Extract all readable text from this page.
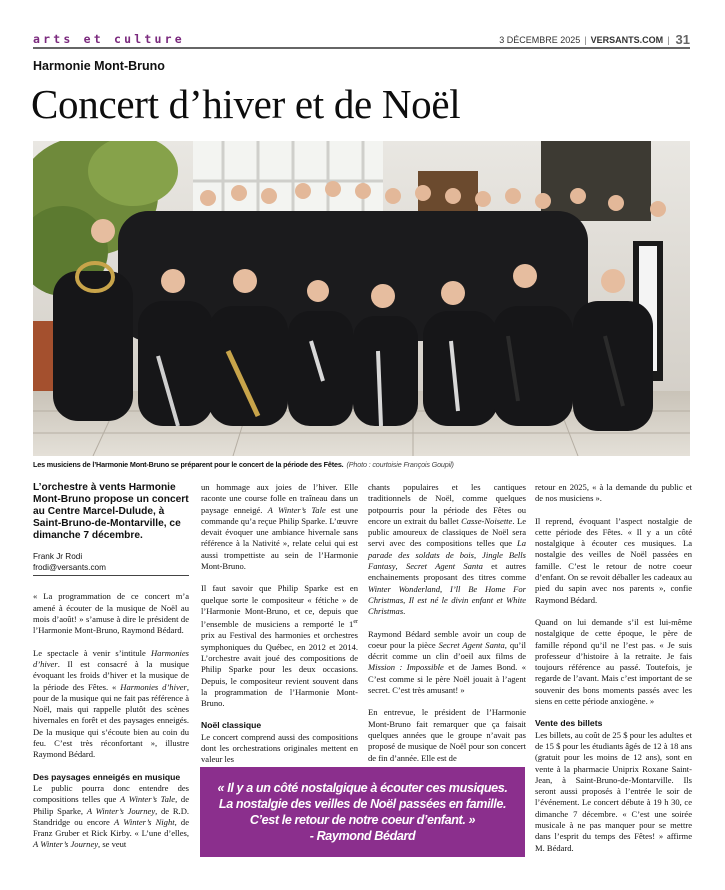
arts et culture	3 DÉCEMBRE 2025 | VERSANTS.COM | 31
Harmonie Mont-Bruno
Concert d’hiver et de Noël
Les musiciens de l’Harmonie Mont-Bruno se préparent pour le concert de la période des Fêtes. (Photo : courtoisie François Goupil)
L’orchestre à vents Harmonie Mont-Bruno propose un concert au Centre Marcel-Dulude, à Saint-Bruno-de-Montarville, ce dimanche 7 décembre.
Frank Jr Rodi
frodi@versants.com

« La programmation de ce concert m’a amené à écouter de la musique de Noël au mois d’août! » s’amuse à dire le président de l’Harmonie Mont-Bruno, Raymond Bédard.

Le spectacle à venir s’intitule Harmonies d’hiver. Il est consacré à la musique évoquant les froids d’hiver et la musique de la période des Fêtes. « Harmonies d’hiver, pour de la musique qui ne fait pas référence à Noël, mais qui rappelle plutôt des scènes hivernales en forêt et des paysages enneigés. De la musique qui s’écoute bien au coin du feu. C’est très réconfortant », illustre Raymond Bédard.

Des paysages enneigés en musique

Le public pourra donc entendre des compositions telles que A Winter’s Tale, de Philip Sparke, A Winter’s Journey, de R.D. Standridge ou encore A Winter’s Night, de Franz Gruber et Rick Kirby. « L’une d’elles, A Winter’s Journey, se veut

un hommage aux joies de l’hiver. Elle raconte une course folle en traîneau dans un paysage enneigé. A Winter’s Tale est une commande qu’a reçue Philip Sparke. L’œuvre devait évoquer une ambiance hivernale sans référence à la Nativité », relate celui qui est aussi trompettiste au sein de l’Harmonie Mont-Bruno.

Il faut savoir que Philip Sparke est en quelque sorte le compositeur « fétiche » de l’Harmonie Mont-Bruno, et ce, depuis que l’ensemble de musiciens a remporté le 1er prix au Festival des harmonies et orchestres symphoniques du Québec, en 2012 et 2014. L’orchestre avait joué des compositions de Philip Sparke pour les deux occasions. Depuis, le compositeur revient souvent dans la programmation de l’Harmonie Mont-Bruno.

Noël classique

Le concert comprend aussi des compositions dont les orchestrations originales mettent en valeur les

chants populaires et les cantiques traditionnels de Noël, comme quelques potpourris pour la période des Fêtes ou encore un extrait du ballet Casse-Noisette. Le public amoureux de classiques de Noël sera servi avec des compositions telles que La parade des soldats de bois, Jingle Bells Fantasy, Secret Agent Santa et autres enchainements proposant des titres comme Winter Wonderland, I’ll Be Home For Christmas, Il est né le divin enfant et White Christmas.

Raymond Bédard semble avoir un coup de coeur pour la pièce Secret Agent Santa, qu’il décrit comme un clin d’oeil aux films de Mission : Impossible et de James Bond. « C’est comme si le père Noël jouait à l’agent secret. C’est très amusant! »

En entrevue, le président de l’Harmonie Mont-Bruno fait remarquer que ça faisait quelques années que le groupe n’avait pas proposé de musique de Noël pour son concert de fin d’année. Elle est de

retour en 2025, « à la demande du public et de nos musiciens ».

Il reprend, évoquant l’aspect nostalgie de cette période des Fêtes. « Il y a un côté nostalgique à écouter ces musiques. La nostalgie des veilles de Noël passées en famille. C’est le retour de notre coeur d’enfant. On se revoit déballer les cadeaux au pied du sapin avec nos parents », confie Raymond Bédard.

Quand on lui demande s’il est lui-même nostalgique de cette époque, le père de famille répond qu’il ne l’est pas. « Je suis professeur d’histoire à la retraite. Je fais toujours référence au passé. Toutefois, je regarde de l’avant. Mais c’est important de se souvenir des bons moments passés avec les siens en cette période anxiogène. »

Vente des billets

Les billets, au coût de 25 $ pour les adultes et de 15 $ pour les étudiants âgés de 12 à 18 ans (gratuit pour les moins de 12 ans), sont en vente à la pharmacie Uniprix Roxane Saint-Jean, à Saint-Bruno-de-Montarville. Ils seront aussi proposés à l’entrée le soir de l’événement. Le concert débute à 19 h 30, ce dimanche 7 décembre. « C’est une soirée musicale à ne pas manquer pour se mettre dans l’esprit du temps des Fêtes! » affirme M. Bédard.

« Il y a un côté nostalgique à écouter ces musiques.
La nostalgie des veilles de Noël passées en famille.
C’est le retour de notre coeur d’enfant. »
- Raymond Bédard
